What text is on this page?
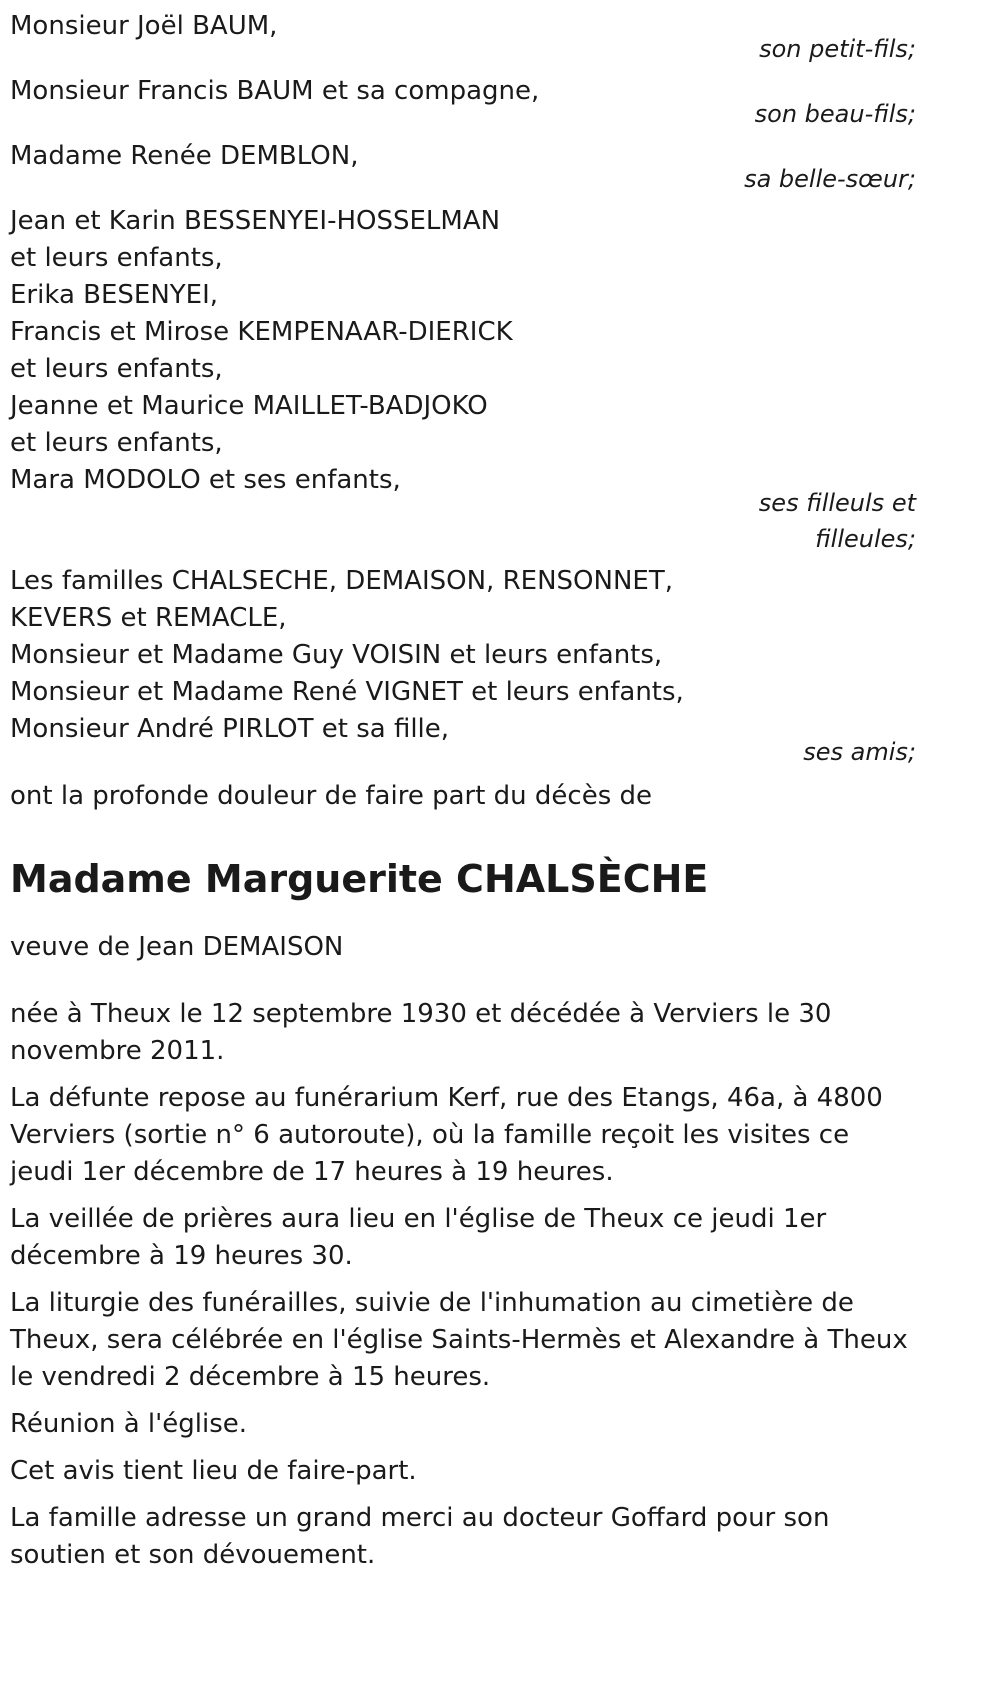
Monsieur Joël BAUM,

son petit-fils;

Monsieur Francis BAUM et sa compagne,

son beau-fils;

Madame Renée DEMBLON,

sa belle-sœur;

Jean et Karin BESSENYEI-HOSSELMAN

et leurs enfants,

Erika BESENYEI,

Francis et Mirose KEMPENAAR-DIERICK

et leurs enfants,

Jeanne et Maurice MAILLET-BADJOKO

et leurs enfants,

Mara MODOLO et ses enfants,

ses filleuls et

filleules;

Les familles CHALSECHE, DEMAISON, RENSONNET,

KEVERS et REMACLE,

Monsieur et Madame Guy VOISIN et leurs enfants,

Monsieur et Madame René VIGNET et leurs enfants,

Monsieur André PIRLOT et sa fille,

ses amis;

ont la profonde douleur de faire part du décès de

Madame Marguerite CHALSÈCHE

veuve de Jean DEMAISON

née à Theux le 12 septembre 1930 et décédée à Verviers le 30 novembre 2011.

La défunte repose au funérarium Kerf, rue des Etangs, 46a, à 4800 Verviers (sortie n° 6 autoroute), où la famille reçoit les visites ce jeudi 1er décembre de 17 heures à 19 heures.

La veillée de prières aura lieu en l'église de Theux ce jeudi 1er décembre à 19 heures 30.

La liturgie des funérailles, suivie de l'inhumation au cimetière de Theux, sera célébrée en l'église Saints-Hermès et Alexandre à Theux le vendredi 2 décembre à 15 heures.

Réunion à l'église.

Cet avis tient lieu de faire-part.

La famille adresse un grand merci au docteur Goffard pour son soutien et son dévouement.
